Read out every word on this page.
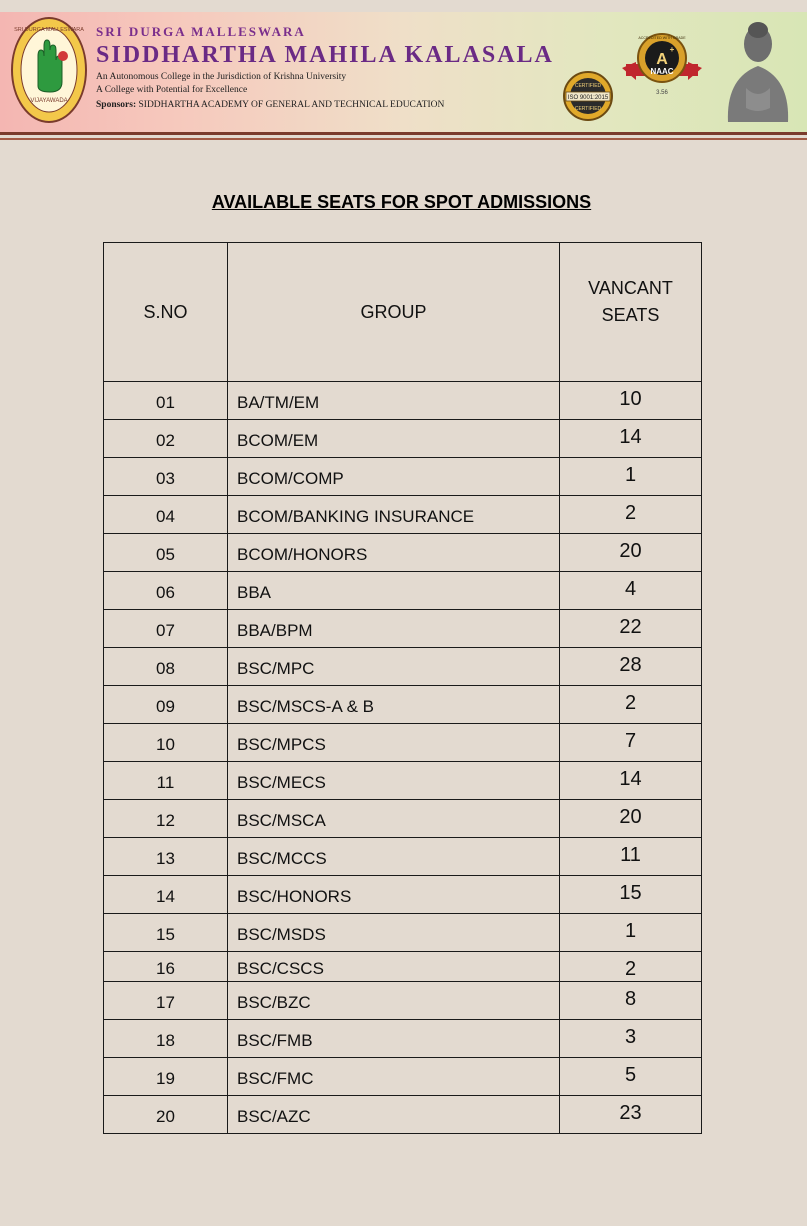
VIJAYAWADA
SRI DURGA MALLESWARA SRI DURGA MALLESWARA
SIDDHARTHA MAHILA KALASALA
An Autonomous College in the Jurisdiction of Krishna University
A College with Potential for Excellence
Sponsors: SIDDHARTHA ACADEMY OF GENERAL AND TECHNICAL EDUCATION
ISO 9001:2015
CERTIFIED
CERTIFIED
A
+
NAAC
ACCREDITED WITH GRADE
3.56
AVAILABLE SEATS FOR SPOT ADMISSIONS
S.NO	GROUP	VANCANT
SEATS

01	BA/TM/EM	10
02	BCOM/EM	14
03	BCOM/COMP	1
04	BCOM/BANKING INSURANCE	2
05	BCOM/HONORS	20
06	BBA	4
07	BBA/BPM	22
08	BSC/MPC	28
09	BSC/MSCS-A & B	2
10	BSC/MPCS	7
11	BSC/MECS	14
12	BSC/MSCA	20
13	BSC/MCCS	11
14	BSC/HONORS	15
15	BSC/MSDS	1
16	BSC/CSCS	2
17	BSC/BZC	8
18	BSC/FMB	3
19	BSC/FMC	5
20	BSC/AZC	23
